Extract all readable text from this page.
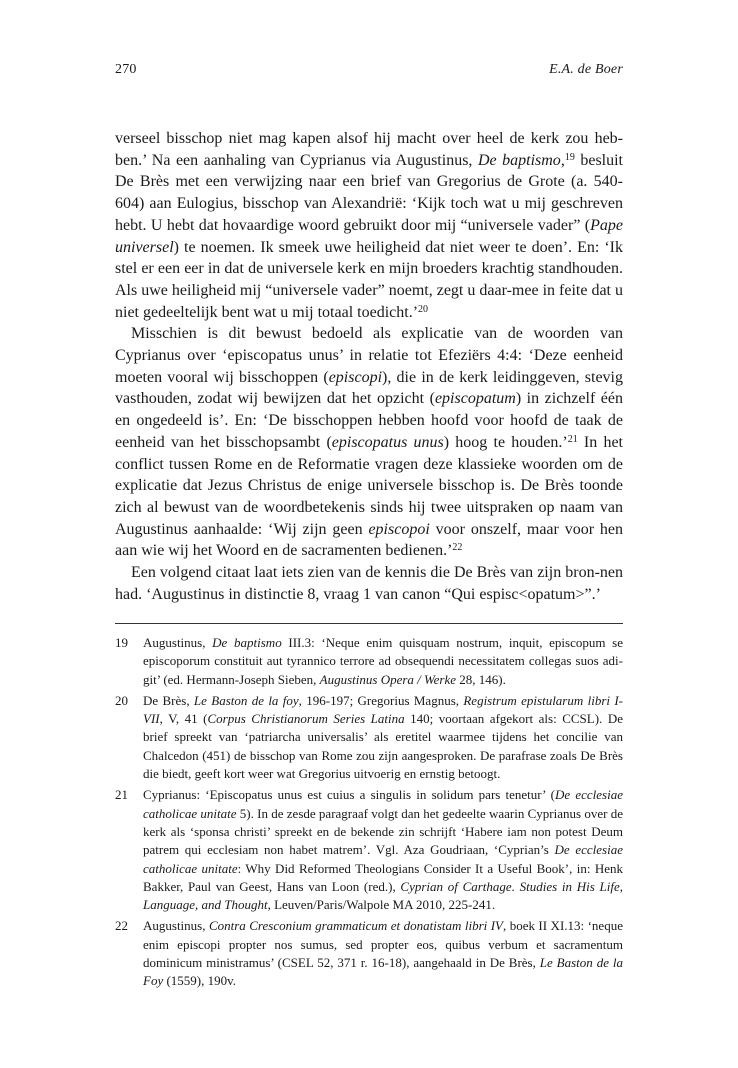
270	E.A. de Boer

verseel bisschop niet mag kapen alsof hij macht over heel de kerk zou heb-ben.’ Na een aanhaling van Cyprianus via Augustinus, De baptismo,$^{19}$ besluit De Brès met een verwijzing naar een brief van Gregorius de Grote (a. 540-604) aan Eulogius, bisschop van Alexandrië: ‘Kijk toch wat u mij geschreven hebt. U hebt dat hovaardige woord gebruikt door mij “universele vader” (Pape universel) te noemen. Ik smeek uwe heiligheid dat niet weer te doen’. En: ‘Ik stel er een eer in dat de universele kerk en mijn broeders krachtig standhouden. Als uwe heiligheid mij “universele vader” noemt, zegt u daar-mee in feite dat u niet gedeeltelijk bent wat u mij totaal toedicht.’$^{20}$

Misschien is dit bewust bedoeld als explicatie van de woorden van Cyprianus over ‘episcopatus unus’ in relatie tot Efeziërs 4:4: ‘Deze eenheid moeten vooral wij bisschoppen (episcopi), die in de kerk leidinggeven, stevig vasthouden, zodat wij bewijzen dat het opzicht (episcopatum) in zichzelf één en ongedeeld is’. En: ‘De bisschoppen hebben hoofd voor hoofd de taak de eenheid van het bisschopsambt (episcopatus unus) hoog te houden.’$^{21}$ In het conflict tussen Rome en de Reformatie vragen deze klassieke woorden om de explicatie dat Jezus Christus de enige universele bisschop is. De Brès toonde zich al bewust van de woordbetekenis sinds hij twee uitspraken op naam van Augustinus aanhaalde: ‘Wij zijn geen episcopoi voor onszelf, maar voor hen aan wie wij het Woord en de sacramenten bedienen.’$^{22}$

Een volgend citaat laat iets zien van de kennis die De Brès van zijn bron-nen had. ‘Augustinus in distinctie 8, vraag 1 van canon “Qui espisc<opatum>”.’

19 Augustinus, De baptismo III.3: ‘Neque enim quisquam nostrum, inquit, episcopum se episcoporum constituit aut tyrannico terrore ad obsequendi necessitatem collegas suos adi-git’ (ed. Hermann-Joseph Sieben, Augustinus Opera / Werke 28, 146).
20 De Brès, Le Baston de la foy, 196-197; Gregorius Magnus, Registrum epistularum libri I-VII, V, 41 (Corpus Christianorum Series Latina 140; voortaan afgekort als: CCSL). De brief spreekt van ‘patriarcha universalis’ als eretitel waarmee tijdens het concilie van Chalcedon (451) de bisschop van Rome zou zijn aangesproken. De parafrase zoals De Brès die biedt, geeft kort weer wat Gregorius uitvoerig en ernstig betoogt.
21 Cyprianus: ‘Episcopatus unus est cuius a singulis in solidum pars tenetur’ (De ecclesiae catholicae unitate 5). In de zesde paragraaf volgt dan het gedeelte waarin Cyprianus over de kerk als ‘sponsa christi’ spreekt en de bekende zin schrijft ‘Habere iam non potest Deum patrem qui ecclesiam non habet matrem’. Vgl. Aza Goudriaan, ‘Cyprian’s De ecclesiae catholicae unitate: Why Did Reformed Theologians Consider It a Useful Book’, in: Henk Bakker, Paul van Geest, Hans van Loon (red.), Cyprian of Carthage. Studies in His Life, Language, and Thought, Leuven/Paris/Walpole MA 2010, 225-241.
22 Augustinus, Contra Cresconium grammaticum et donatistam libri IV, boek II XI.13: ‘neque enim episcopi propter nos sumus, sed propter eos, quibus verbum et sacramentum dominicum ministramus’ (CSEL 52, 371 r. 16-18), aangehaald in De Brès, Le Baston de la Foy (1559), 190v.
